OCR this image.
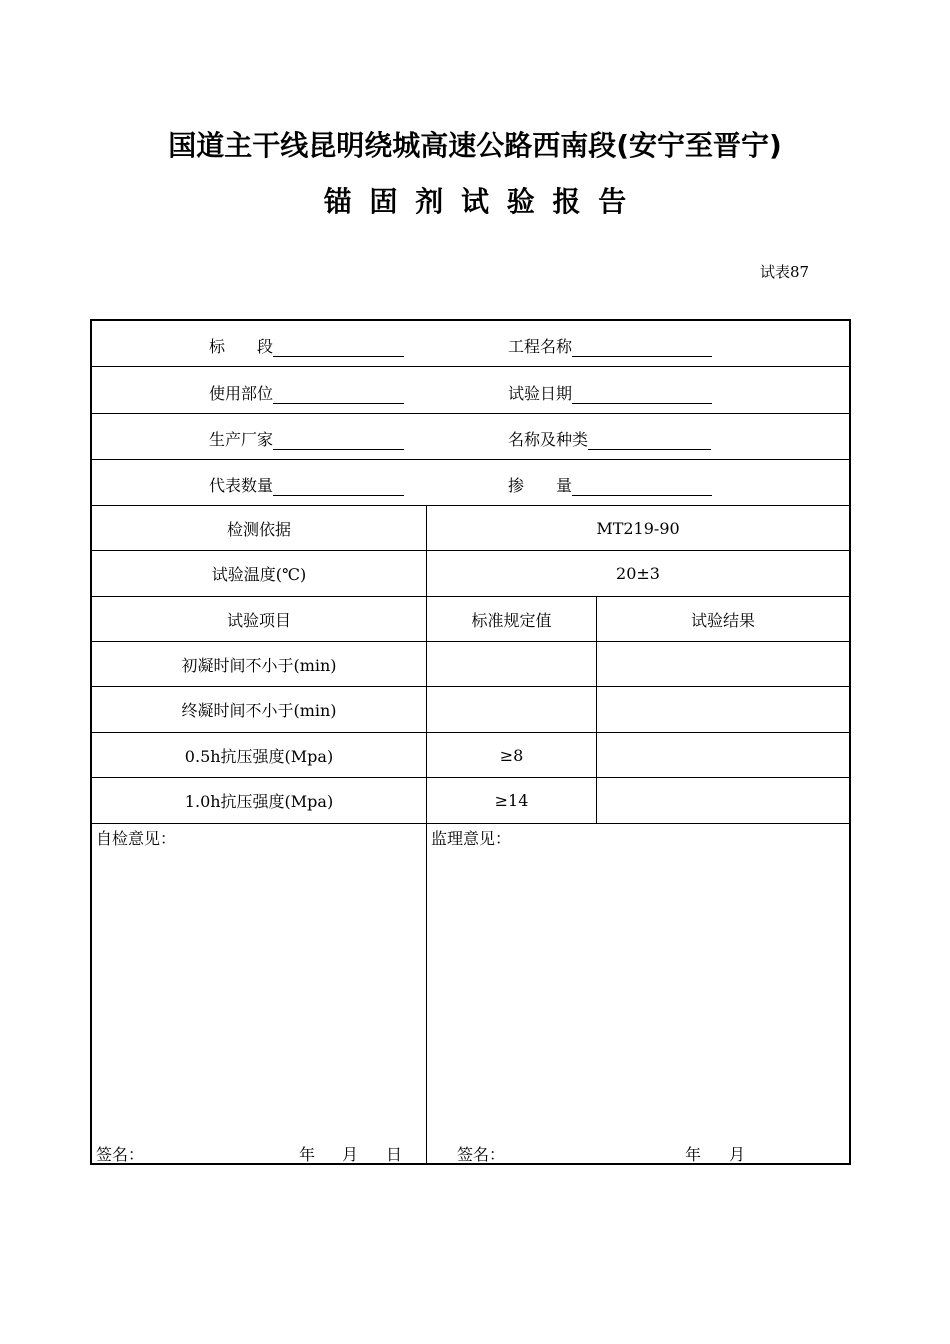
国道主干线昆明绕城高速公路西南段(安宁至晋宁)
锚 固 剂 试 验 报 告
试表87
标　　段	工程名称
使用部位	试验日期
生产厂家	名称及种类
代表数量	掺　　量
检测依据	MT219-90
试验温度(℃)	20±3
试验项目	标准规定值	试验结果
初凝时间不小于(min)
终凝时间不小于(min)
0.5h抗压强度(Mpa)	≥8
1.0h抗压强度(Mpa)	≥14
自检意见：
签名：	年 月 日
监理意见：
签名：	年 月
